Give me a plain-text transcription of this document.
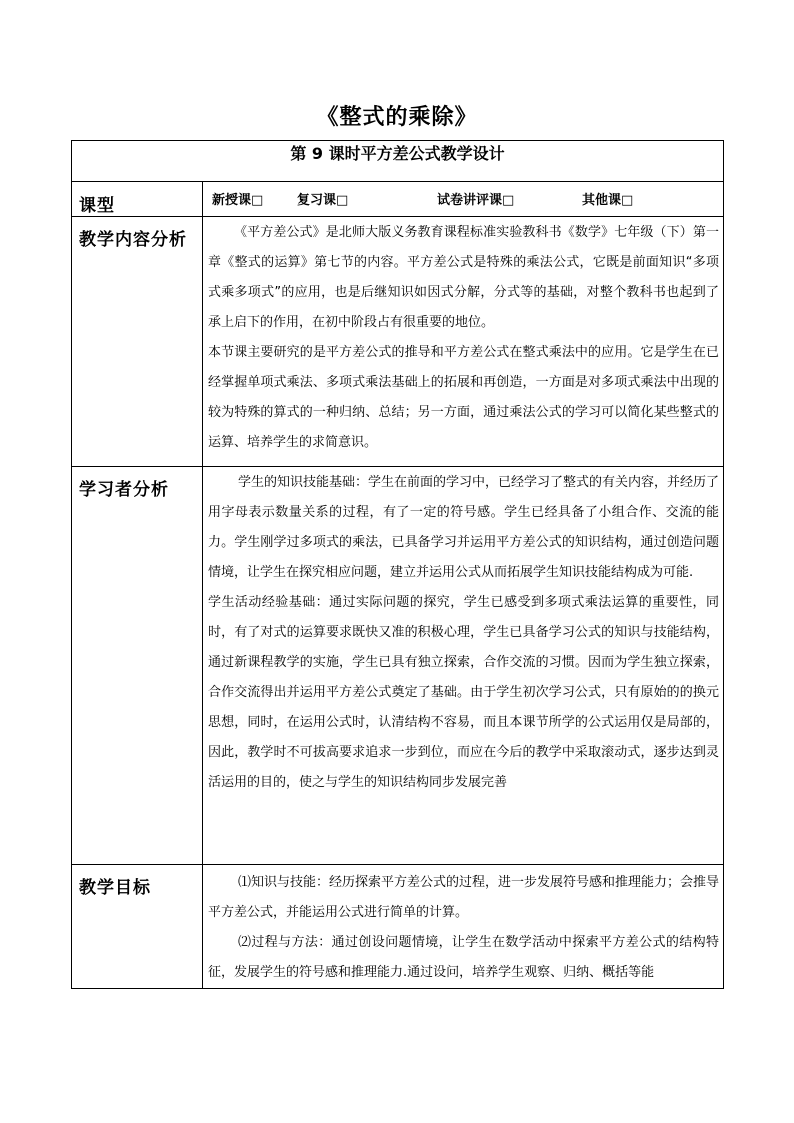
《整式的乘除》
第 9 课时平方差公式教学设计	

课型	新授课□ 复习课□ 试卷讲评课□ 其他课□

教学内容分析	《平方差公式》是北师大版义务教育课程标准实验教科书《数学》七年级（下）第一章《整式的运算》第七节的内容。平方差公式是特殊的乘法公式，它既是前面知识“多项式乘多项式”的应用，也是后继知识如因式分解，分式等的基础，对整个教科书也起到了承上启下的作用，在初中阶段占有很重要的地位。

本节课主要研究的是平方差公式的推导和平方差公式在整式乘法中的应用。它是学生在已经掌握单项式乘法、多项式乘法基础上的拓展和再创造，一方面是对多项式乘法中出现的较为特殊的算式的一种归纳、总结；另一方面，通过乘法公式的学习可以简化某些整式的运算、培养学生的求简意识。

学习者分析	学生的知识技能基础：学生在前面的学习中，已经学习了整式的有关内容，并经历了用字母表示数量关系的过程，有了一定的符号感。学生已经具备了小组合作、交流的能力。学生刚学过多项式的乘法，已具备学习并运用平方差公式的知识结构，通过创造问题情境，让学生在探究相应问题，建立并运用公式从而拓展学生知识技能结构成为可能.

学生活动经验基础：通过实际问题的探究，学生已感受到多项式乘法运算的重要性，同时，有了对式的运算要求既快又准的积极心理，学生已具备学习公式的知识与技能结构，通过新课程教学的实施，学生已具有独立探索，合作交流的习惯。因而为学生独立探索，合作交流得出并运用平方差公式奠定了基础。由于学生初次学习公式，只有原始的的换元思想，同时，在运用公式时，认清结构不容易，而且本课节所学的公式运用仅是局部的，因此，教学时不可拔高要求追求一步到位，而应在今后的教学中采取滚动式，逐步达到灵活运用的目的，使之与学生的知识结构同步发展完善

教学目标	⑴知识与技能：经历探索平方差公式的过程，进一步发展符号感和推理能力；会推导平方差公式，并能运用公式进行简单的计算。

⑵过程与方法：通过创设问题情境，让学生在数学活动中探索平方差公式的结构特征，发展学生的符号感和推理能力.通过设问，培养学生观察、归纳、概括等能
